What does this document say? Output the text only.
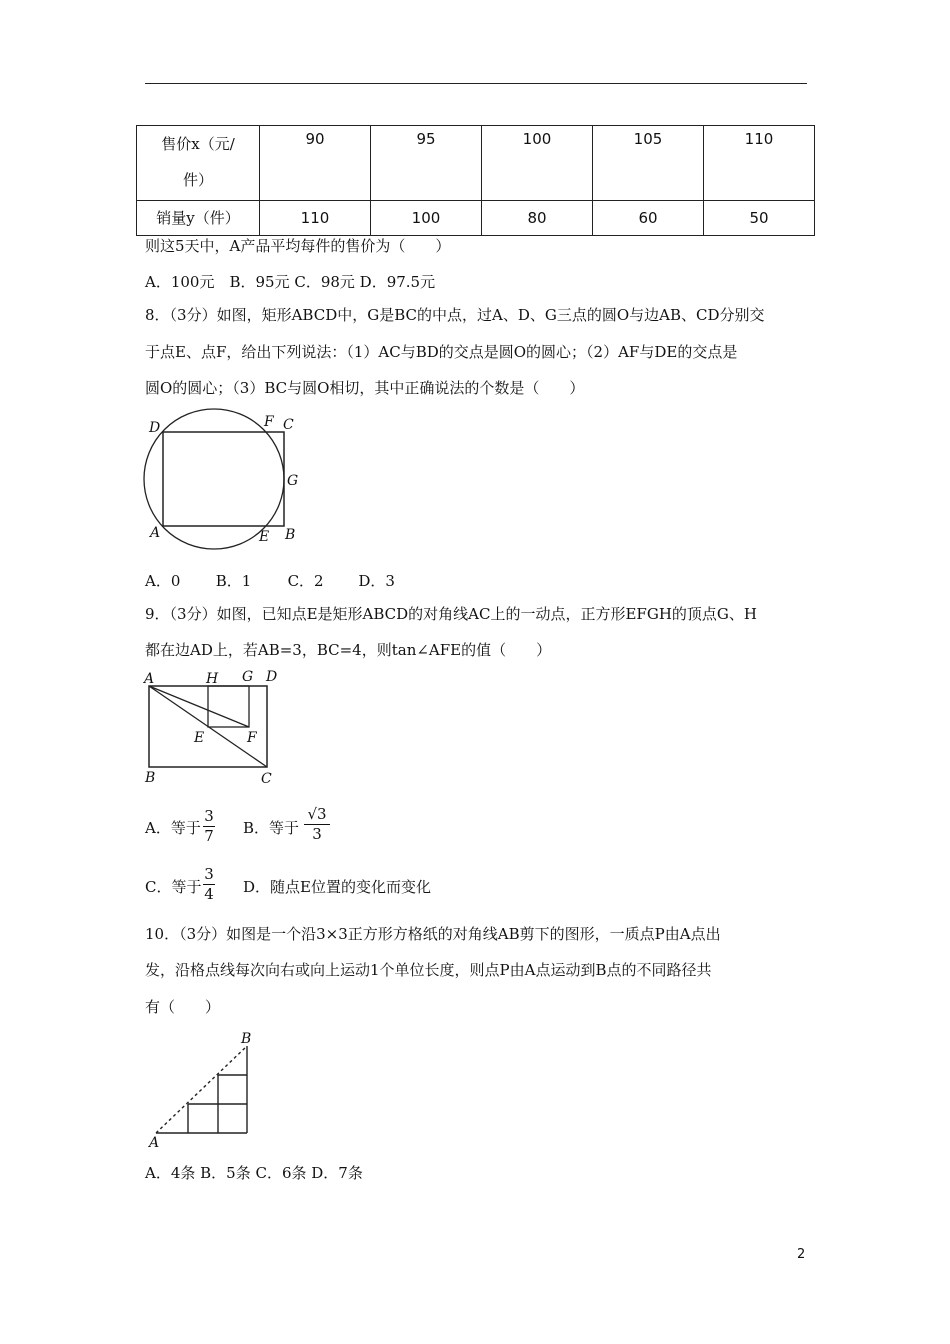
售价x（元/
件）	90	95	100	105	110
销量y（件）	110	100	80	60	50
则这5天中，A产品平均每件的售价为（　　）
A．100元　B．95元 C．98元 D．97.5元
8．（3分）如图，矩形ABCD中，G是BC的中点，过A、D、G三点的圆O与边AB、CD分别交
于点E、点F，给出下列说法：（1）AC与BD的交点是圆O的圆心；（2）AF与DE的交点是
圆O的圆心；（3）BC与圆O相切，其中正确说法的个数是（　　）
D	F C
G
A	E B
A．0 B．1 C．2 D．3
9．（3分）如图，已知点E是矩形ABCD的对角线AC上的一动点，正方形EFGH的顶点G、H
都在边AD上，若AB=3，BC=4，则tan∠AFE的值（　　）
A	H G D
E	F
B	C
A．等于
3
7 B．等于
√3
3
C．等于
3
4 D．随点E位置的变化而变化
10．（3分）如图是一个沿3×3正方形方格纸的对角线AB剪下的图形，一质点P由A点出
发，沿格点线每次向右或向上运动1个单位长度，则点P由A点运动到B点的不同路径共
有（　　）
A
B
A．4条 B．5条 C．6条 D．7条
2
